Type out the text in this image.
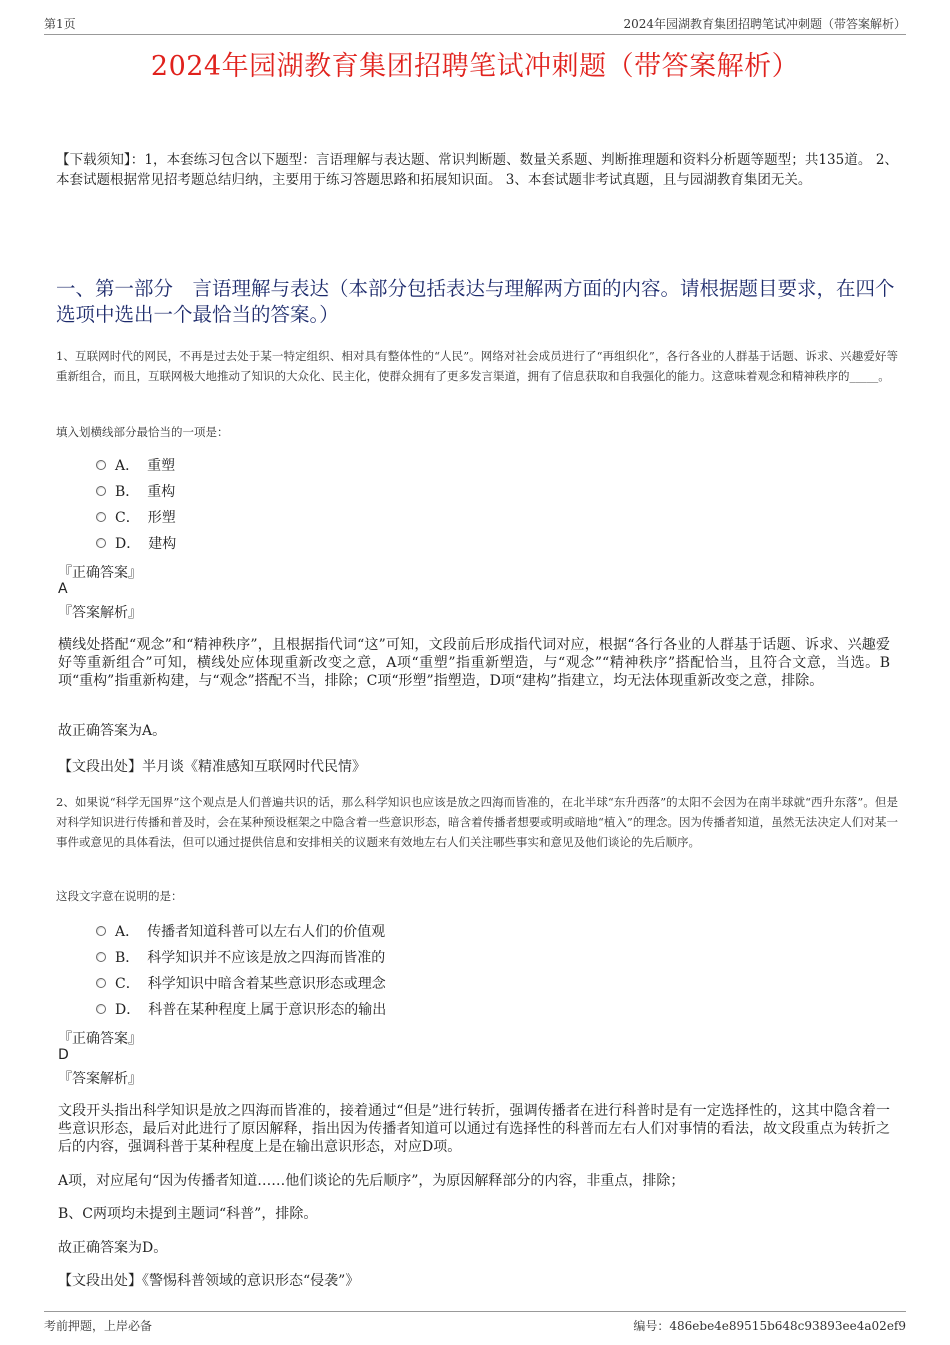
第1页	2024年园湖教育集团招聘笔试冲刺题（带答案解析）
2024年园湖教育集团招聘笔试冲刺题（带答案解析）
【下载须知】：1，本套练习包含以下题型：言语理解与表达题、常识判断题、数量关系题、判断推理题和资料分析题等题型；共135道。 2、本套试题根据常见招考题总结归纳，主要用于练习答题思路和拓展知识面。 3、本套试题非考试真题，且与园湖教育集团无关。
一、第一部分　言语理解与表达（本部分包括表达与理解两方面的内容。请根据题目要求，在四个选项中选出一个最恰当的答案。）
1、互联网时代的网民，不再是过去处于某一特定组织、相对具有整体性的“人民”。网络对社会成员进行了“再组织化”，各行各业的人群基于话题、诉求、兴趣爱好等重新组合，而且，互联网极大地推动了知识的大众化、民主化，使群众拥有了更多发言渠道，拥有了信息获取和自我强化的能力。这意味着观念和精神秩序的_____。
填入划横线部分最恰当的一项是：
A． 重塑
B． 重构
C． 形塑
D． 建构
『正确答案』
A
『答案解析』
横线处搭配“观念”和“精神秩序”，且根据指代词“这”可知，文段前后形成指代词对应，根据“各行各业的人群基于话题、诉求、兴趣爱好等重新组合”可知，横线处应体现重新改变之意，A项“重塑”指重新塑造，与“观念”“精神秩序”搭配恰当，且符合文意，当选。B项“重构”指重新构建，与“观念”搭配不当，排除；C项“形塑”指塑造，D项“建构”指建立，均无法体现重新改变之意，排除。
故正确答案为A。
【文段出处】半月谈《精准感知互联网时代民情》
2、如果说“科学无国界”这个观点是人们普遍共识的话，那么科学知识也应该是放之四海而皆准的，在北半球“东升西落”的太阳不会因为在南半球就“西升东落”。但是对科学知识进行传播和普及时，会在某种预设框架之中隐含着一些意识形态，暗含着传播者想要或明或暗地“植入”的理念。因为传播者知道，虽然无法决定人们对某一事件或意见的具体看法，但可以通过提供信息和安排相关的议题来有效地左右人们关注哪些事实和意见及他们谈论的先后顺序。
这段文字意在说明的是：
A． 传播者知道科普可以左右人们的价值观
B． 科学知识并不应该是放之四海而皆准的
C． 科学知识中暗含着某些意识形态或理念
D． 科普在某种程度上属于意识形态的输出
『正确答案』
D
『答案解析』
文段开头指出科学知识是放之四海而皆准的，接着通过“但是”进行转折，强调传播者在进行科普时是有一定选择性的，这其中隐含着一些意识形态，最后对此进行了原因解释，指出因为传播者知道可以通过有选择性的科普而左右人们对事情的看法，故文段重点为转折之后的内容，强调科普于某种程度上是在输出意识形态，对应D项。
A项，对应尾句“因为传播者知道……他们谈论的先后顺序”，为原因解释部分的内容，非重点，排除；
B、C两项均未提到主题词“科普”，排除。
故正确答案为D。
【文段出处】《警惕科普领域的意识形态“侵袭”》
考前押题，上岸必备	编号：486ebe4e89515b648c93893ee4a02ef9
